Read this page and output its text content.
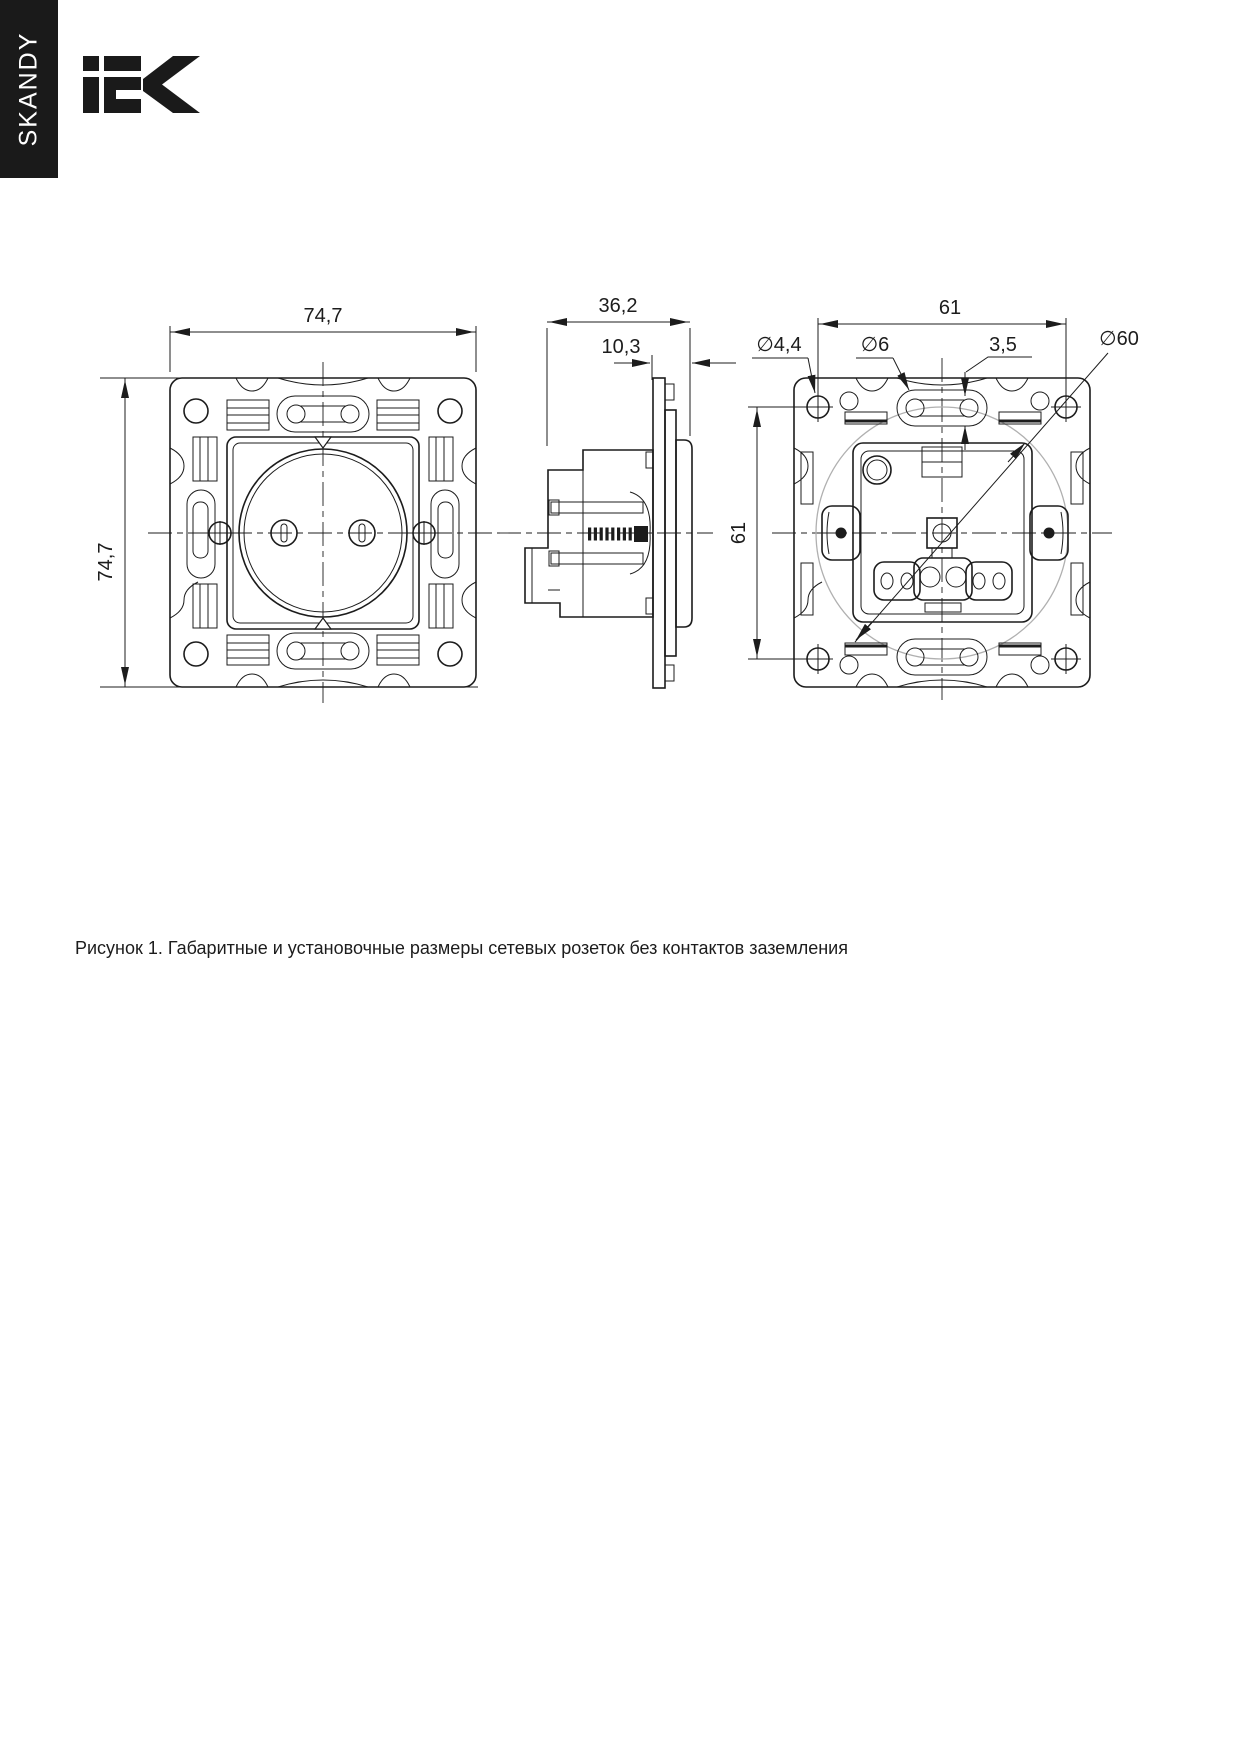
SKANDY
74,7
74,7
36,2
10,3
61
61
∅4,4	∅6	3,5	∅60

Рисунок 1. Габаритные и установочные размеры сетевых розеток без контактов заземления
